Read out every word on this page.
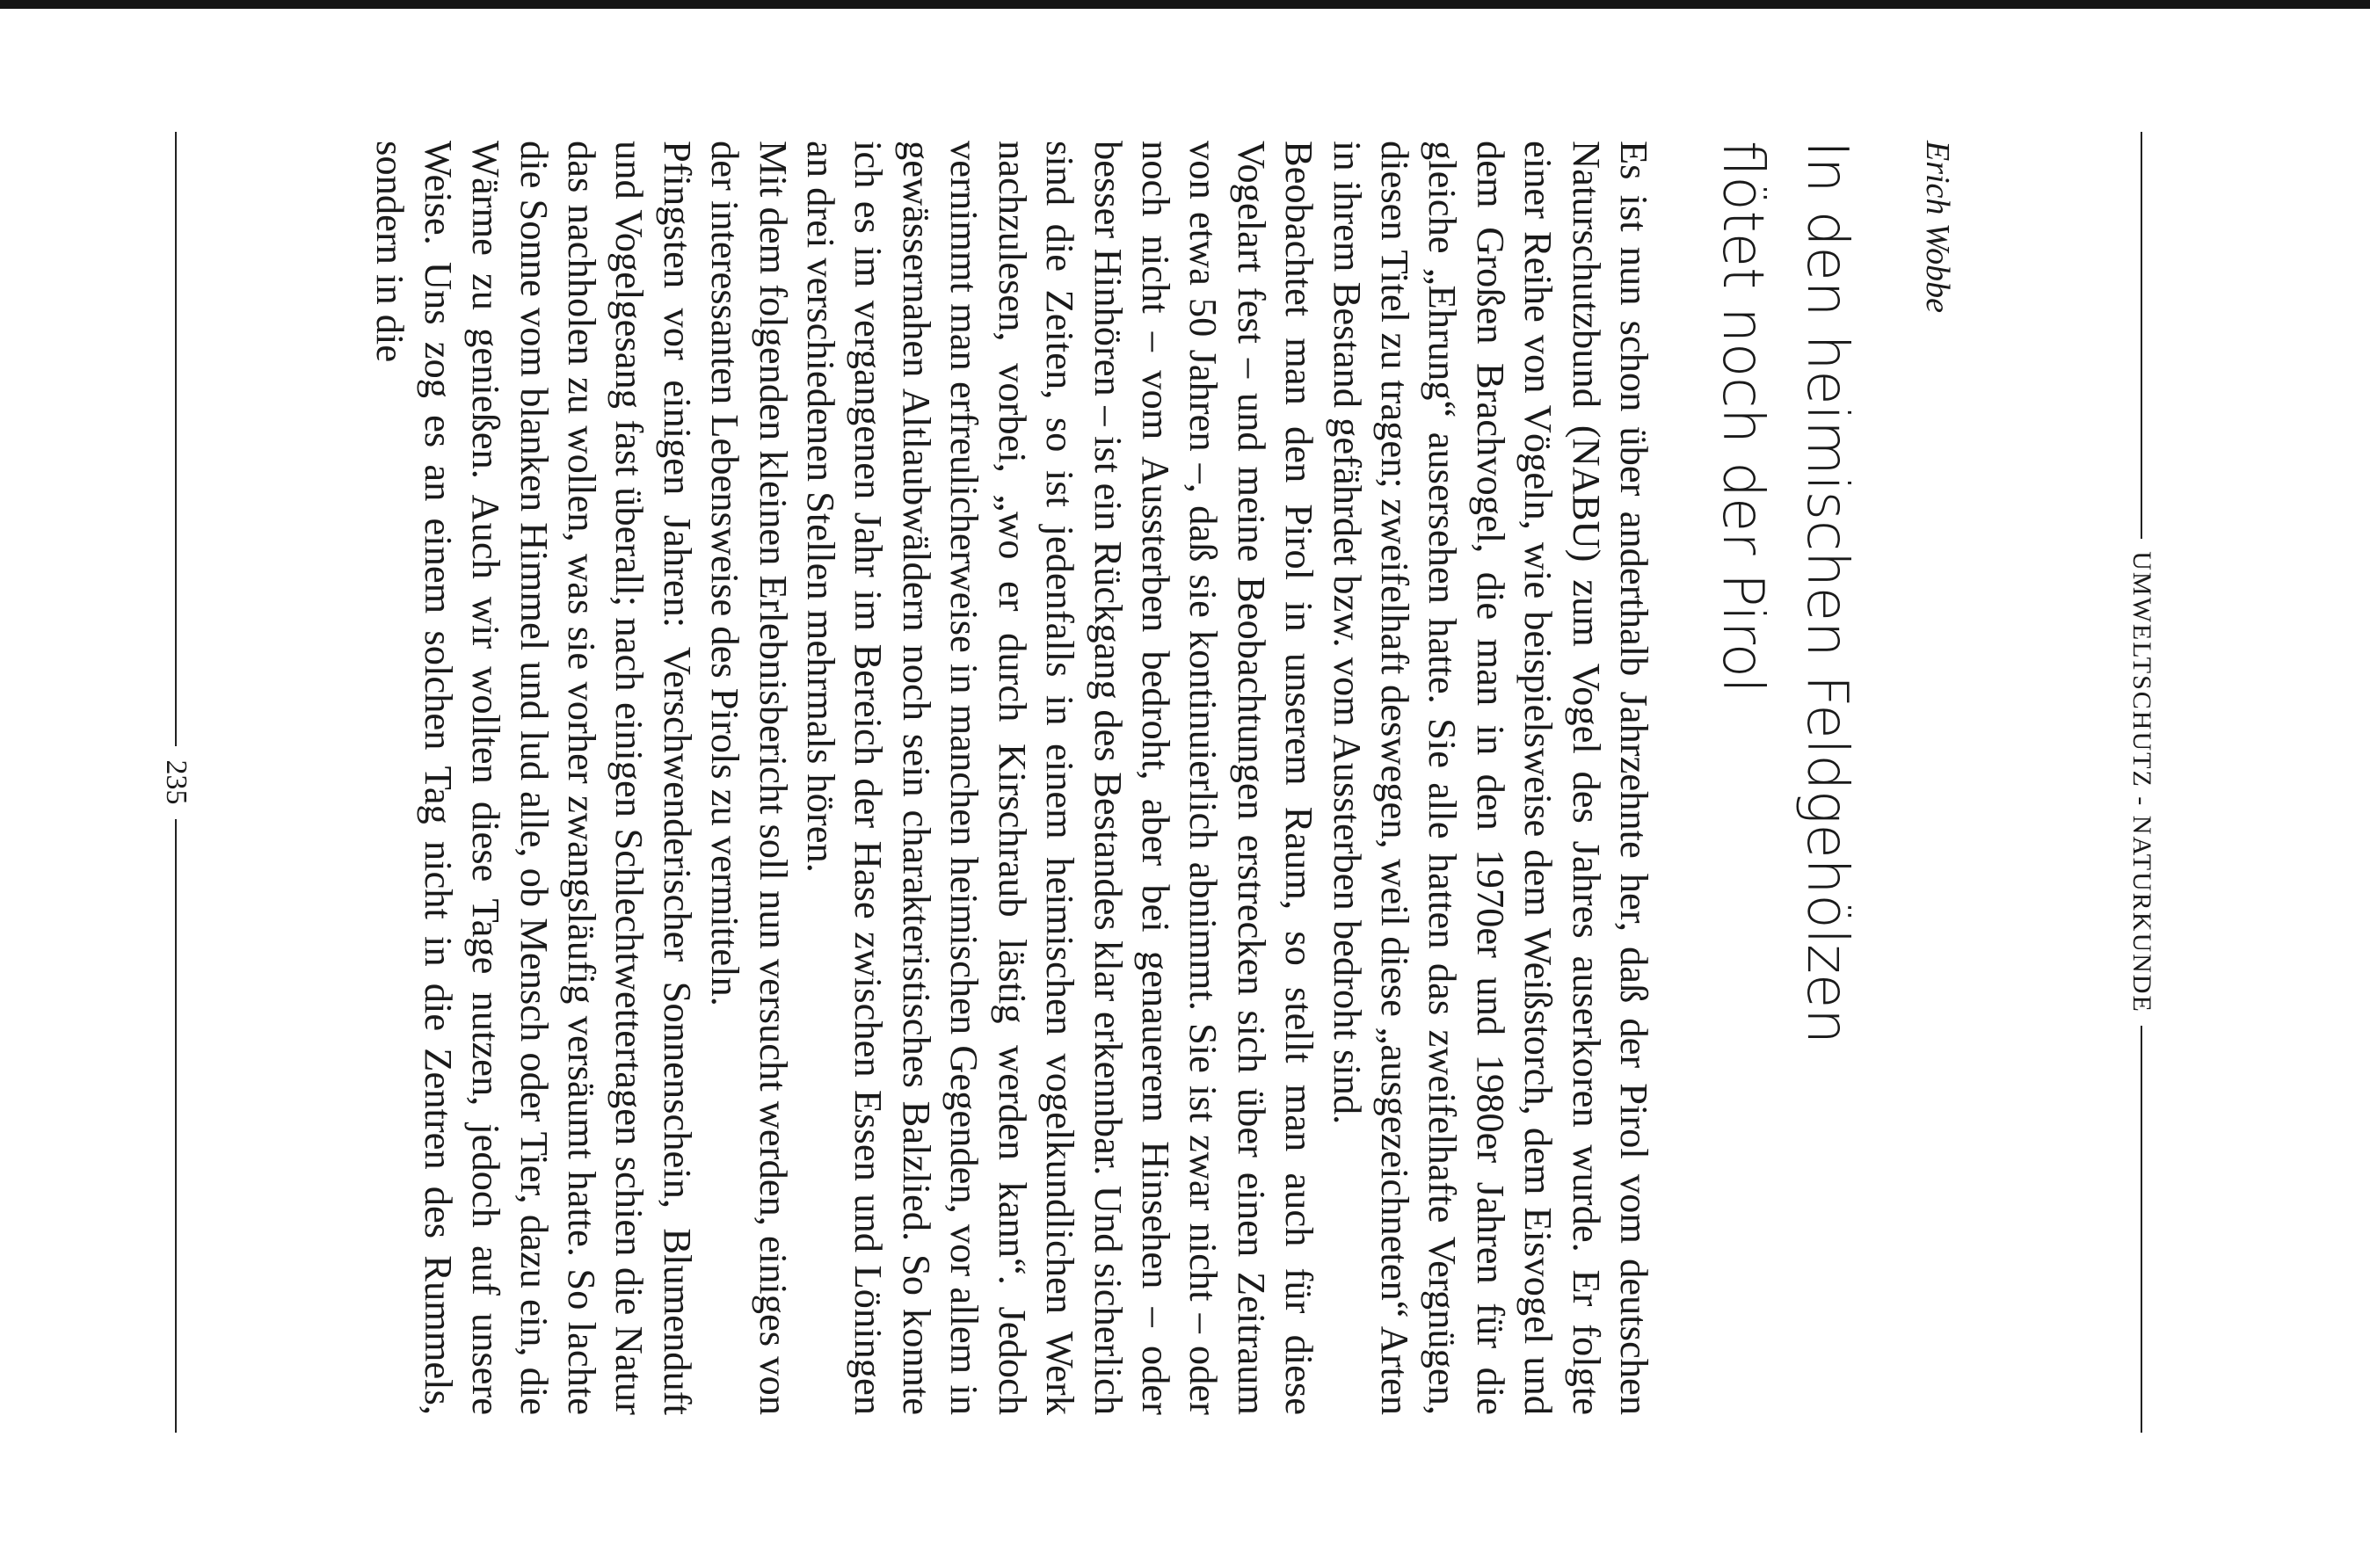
UMWELTSCHUTZ - NATURKUNDE
Erich Wobbe
In den heimischen Feldgehölzen
flötet noch der Pirol

Es ist nun schon über anderthalb Jahrzehnte her, daß der Pirol vom deutschen Naturschutzbund (NABU) zum Vogel des Jahres auserkoren wurde. Er folgte einer Reihe von Vögeln, wie beispielsweise dem Weißstorch, dem Eisvogel und dem Großen Brachvogel, die man in den 1970er und 1980er Jahren für die gleiche „Ehrung“ ausersehen hatte. Sie alle hatten das zweifelhafte Vergnügen, diesen Titel zu tragen; zweifelhaft deswegen, weil diese „ausgezeichneten“ Arten in ihrem Bestand gefährdet bzw. vom Aussterben bedroht sind.

Beobachtet man den Pirol in unserem Raum, so stellt man auch für diese Vogelart fest – und meine Beobachtungen erstrecken sich über einen Zeitraum von etwa 50 Jahren –, daß sie kontinuierlich abnimmt. Sie ist zwar nicht – oder noch nicht – vom Aussterben bedroht, aber bei genauerem Hinsehen – oder besser Hinhören – ist ein Rückgang des Bestandes klar erkennbar. Und sicherlich sind die Zeiten, so ist jedenfalls in einem heimischen vogelkundlichen Werk nachzulesen, vorbei, „wo er durch Kirschraub lästig werden kann“. Jedoch vernimmt man erfreulicherweise in manchen heimischen Gegenden, vor allem in gewässernahen Altlaubwäldern noch sein charakteristisches Balzlied. So konnte ich es im vergangenen Jahr im Bereich der Hase zwischen Essen und Löningen an drei verschiedenen Stellen mehrmals hören.

Mit dem folgenden kleinen Erlebnisbericht soll nun versucht werden, einiges von der interessanten Lebensweise des Pirols zu vermitteln.

Pfingsten vor einigen Jahren: Verschwenderischer Sonnenschein, Blumenduft und Vogelgesang fast überall; nach einigen Schlechtwettertagen schien die Natur das nachholen zu wollen, was sie vorher zwangsläufig versäumt hatte. So lachte die Sonne vom blanken Himmel und lud alle, ob Mensch oder Tier, dazu ein, die Wärme zu genießen. Auch wir wollten diese Tage nutzen, jedoch auf unsere Weise. Uns zog es an einem solchen Tag nicht in die Zentren des Rummels, sondern in die

235
